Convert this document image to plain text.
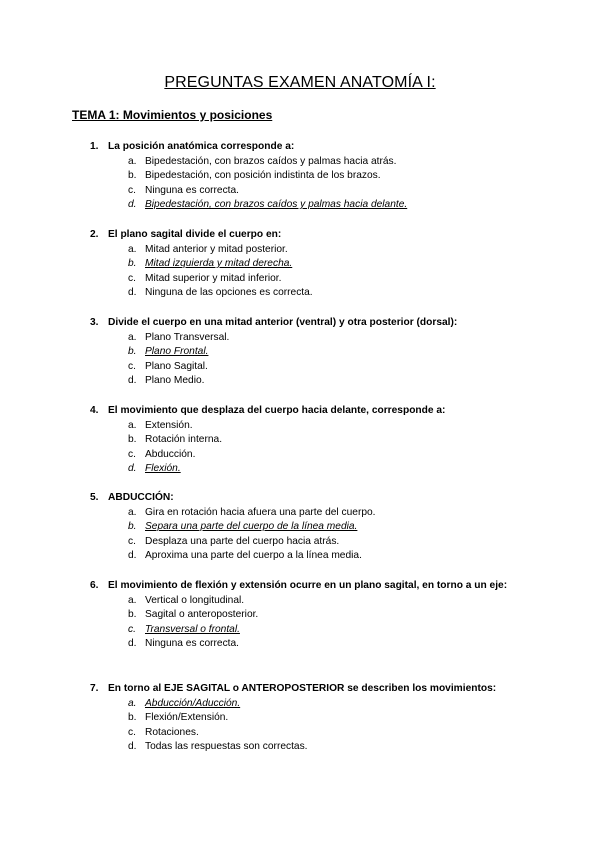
PREGUNTAS EXAMEN ANATOMÍA I:
TEMA 1: Movimientos y posiciones
1. La posición anatómica corresponde a:
a. Bipedestación, con brazos caídos y palmas hacia atrás.
b. Bipedestación, con posición indistinta de los brazos.
c. Ninguna es correcta.
d. Bipedestación, con brazos caídos y palmas hacia delante.
2. El plano sagital divide el cuerpo en:
a. Mitad anterior y mitad posterior.
b. Mitad izquierda y mitad derecha.
c. Mitad superior y mitad inferior.
d. Ninguna de las opciones es correcta.
3. Divide el cuerpo en una mitad anterior (ventral) y otra posterior (dorsal):
a. Plano Transversal.
b. Plano Frontal.
c. Plano Sagital.
d. Plano Medio.
4. El movimiento que desplaza del cuerpo hacia delante, corresponde a:
a. Extensión.
b. Rotación interna.
c. Abducción.
d. Flexión.
5. ABDUCCIÓN:
a. Gira en rotación hacia afuera una parte del cuerpo.
b. Separa una parte del cuerpo de la línea media.
c. Desplaza una parte del cuerpo hacia atrás.
d. Aproxima una parte del cuerpo a la línea media.
6. El movimiento de flexión y extensión ocurre en un plano sagital, en torno a un eje:
a. Vertical o longitudinal.
b. Sagital o anteroposterior.
c. Transversal o frontal.
d. Ninguna es correcta.
7. En torno al EJE SAGITAL o ANTEROPOSTERIOR se describen los movimientos:
a. Abducción/Aducción.
b. Flexión/Extensión.
c. Rotaciones.
d. Todas las respuestas son correctas.
